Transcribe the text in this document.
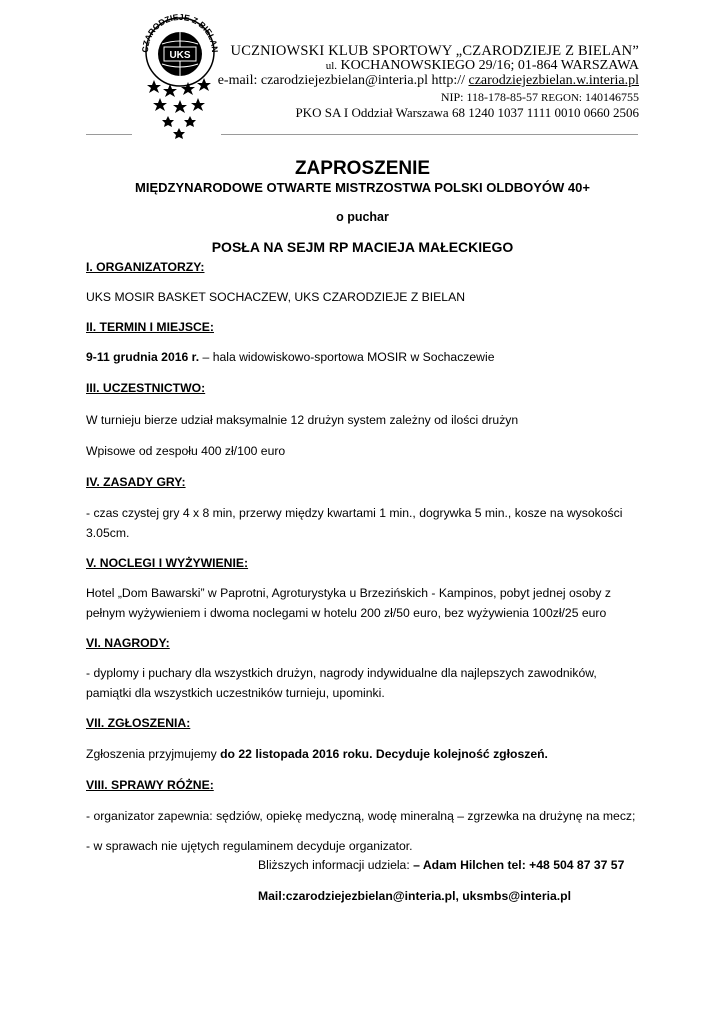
UKS
CZARODZIEJE Z BIELAN UCZNIOWSKI KLUB SPORTOWY „CZARODZIEJE Z BIELAN”
ul. KOCHANOWSKIEGO 29/16; 01-864 WARSZAWA
e-mail: czarodziejezbielan@interia.pl http:// czarodziejezbielan.w.interia.pl
NIP: 118-178-85-57 REGON: 140146755
PKO SA I Oddział Warszawa 68 1240 1037 1111 0010 0660 2506
ZAPROSZENIE
MIĘDZYNARODOWE OTWARTE MISTRZOSTWA POLSKI OLDBOYÓW 40+
o puchar
POSŁA NA SEJM RP MACIEJA MAŁECKIEGO
I. ORGANIZATORZY:
UKS MOSIR BASKET SOCHACZEW, UKS CZARODZIEJE Z BIELAN
II. TERMIN I MIEJSCE:
9-11 grudnia 2016 r. – hala widowiskowo-sportowa MOSIR w Sochaczewie
III. UCZESTNICTWO:
W turnieju bierze udział maksymalnie 12 drużyn system zależny od ilości drużyn
Wpisowe od zespołu 400 zł/100 euro
IV. ZASADY GRY:
- czas czystej gry 4 x 8 min, przerwy między kwartami 1 min., dogrywka 5 min., kosze na wysokości
3.05cm.
V. NOCLEGI I WYŻYWIENIE:
Hotel „Dom Bawarski” w Paprotni, Agroturystyka u Brzezińskich - Kampinos, pobyt jednej osoby z
pełnym wyżywieniem i dwoma noclegami w hotelu 200 zł/50 euro, bez wyżywienia 100zł/25 euro
VI. NAGRODY:
- dyplomy i puchary dla wszystkich drużyn, nagrody indywidualne dla najlepszych zawodników,
pamiątki dla wszystkich uczestników turnieju, upominki.
VII. ZGŁOSZENIA:
Zgłoszenia przyjmujemy do 22 listopada 2016 roku. Decyduje kolejność zgłoszeń.
VIII. SPRAWY RÓŻNE:
- organizator zapewnia: sędziów, opiekę medyczną, wodę mineralną – zgrzewka na drużynę na mecz;
- w sprawach nie ujętych regulaminem decyduje organizator.
Bliższych informacji udziela: – Adam Hilchen tel: +48 504 87 37 57
Mail:czarodziejezbielan@interia.pl, uksmbs@interia.pl
